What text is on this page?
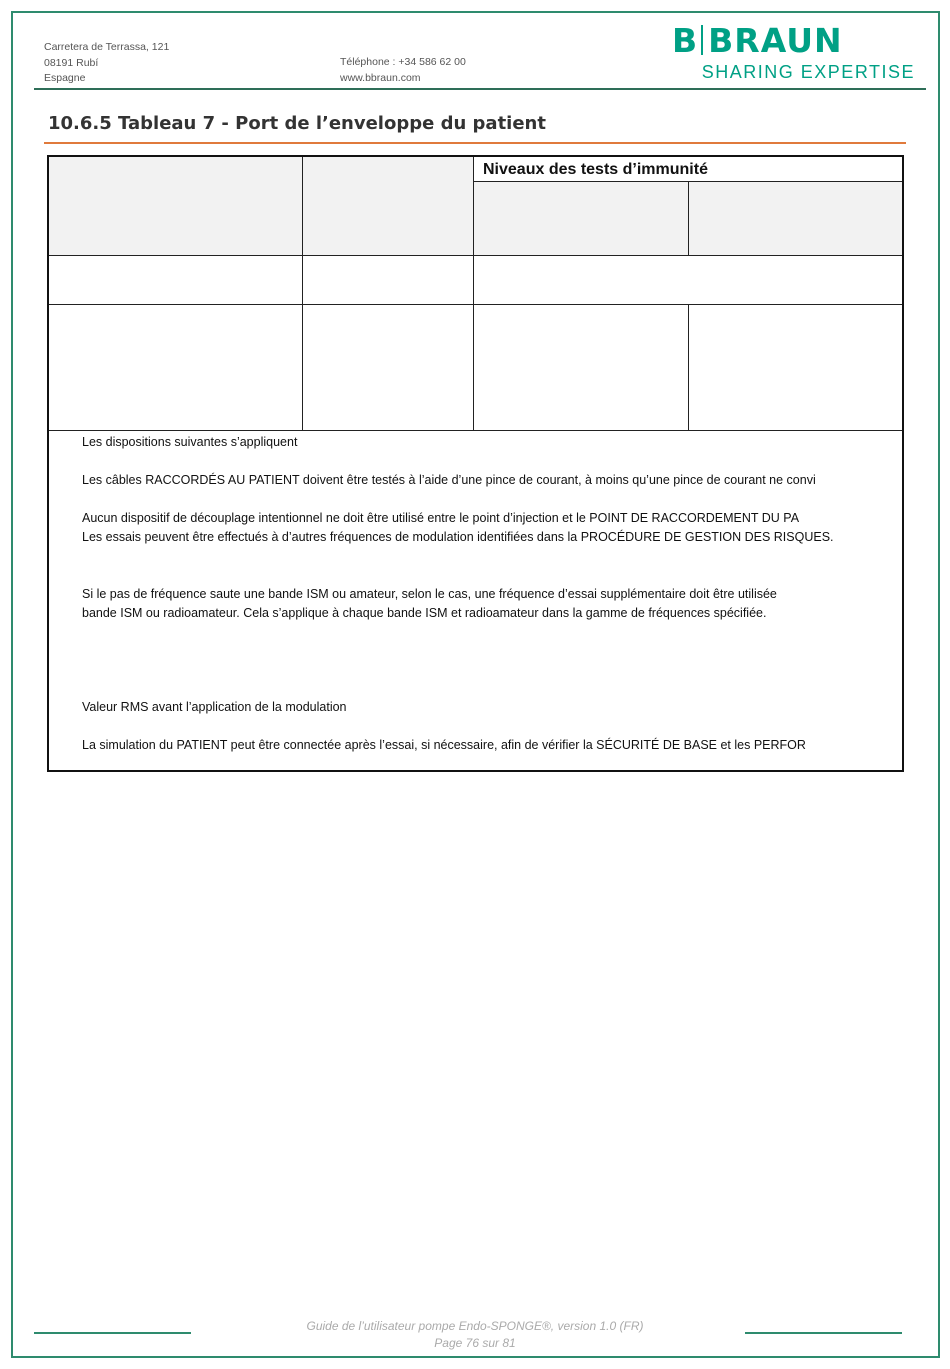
Carretera de Terrassa, 121
08191 Rubí
Espagne
Téléphone : +34 586 62 00
www.bbraun.com
B BRAUN
SHARING EXPERTISE
10.6.5 Tableau 7 - Port de l’enveloppe du patient
Niveaux des tests d’immunité

Les dispositions suivantes s’appliquent

Les câbles RACCORDÉS AU PATIENT doivent être testés à l’aide d’une pince de courant, à moins qu’une pince de courant ne convi

Aucun dispositif de découplage intentionnel ne doit être utilisé entre le point d’injection et le POINT DE RACCORDEMENT DU PA

Les essais peuvent être effectués à d’autres fréquences de modulation identifiées dans la PROCÉDURE DE GESTION DES RISQUES.

Si le pas de fréquence saute une bande ISM ou amateur, selon le cas, une fréquence d’essai supplémentaire doit être utilisée

bande ISM ou radioamateur. Cela s’applique à chaque bande ISM et radioamateur dans la gamme de fréquences spécifiée.

Valeur RMS avant l’application de la modulation

La simulation du PATIENT peut être connectée après l’essai, si nécessaire, afin de vérifier la SÉCURITÉ DE BASE et les PERFOR

Guide de l’utilisateur pompe Endo-SPONGE®, version 1.0 (FR)
Page 76 sur 81
